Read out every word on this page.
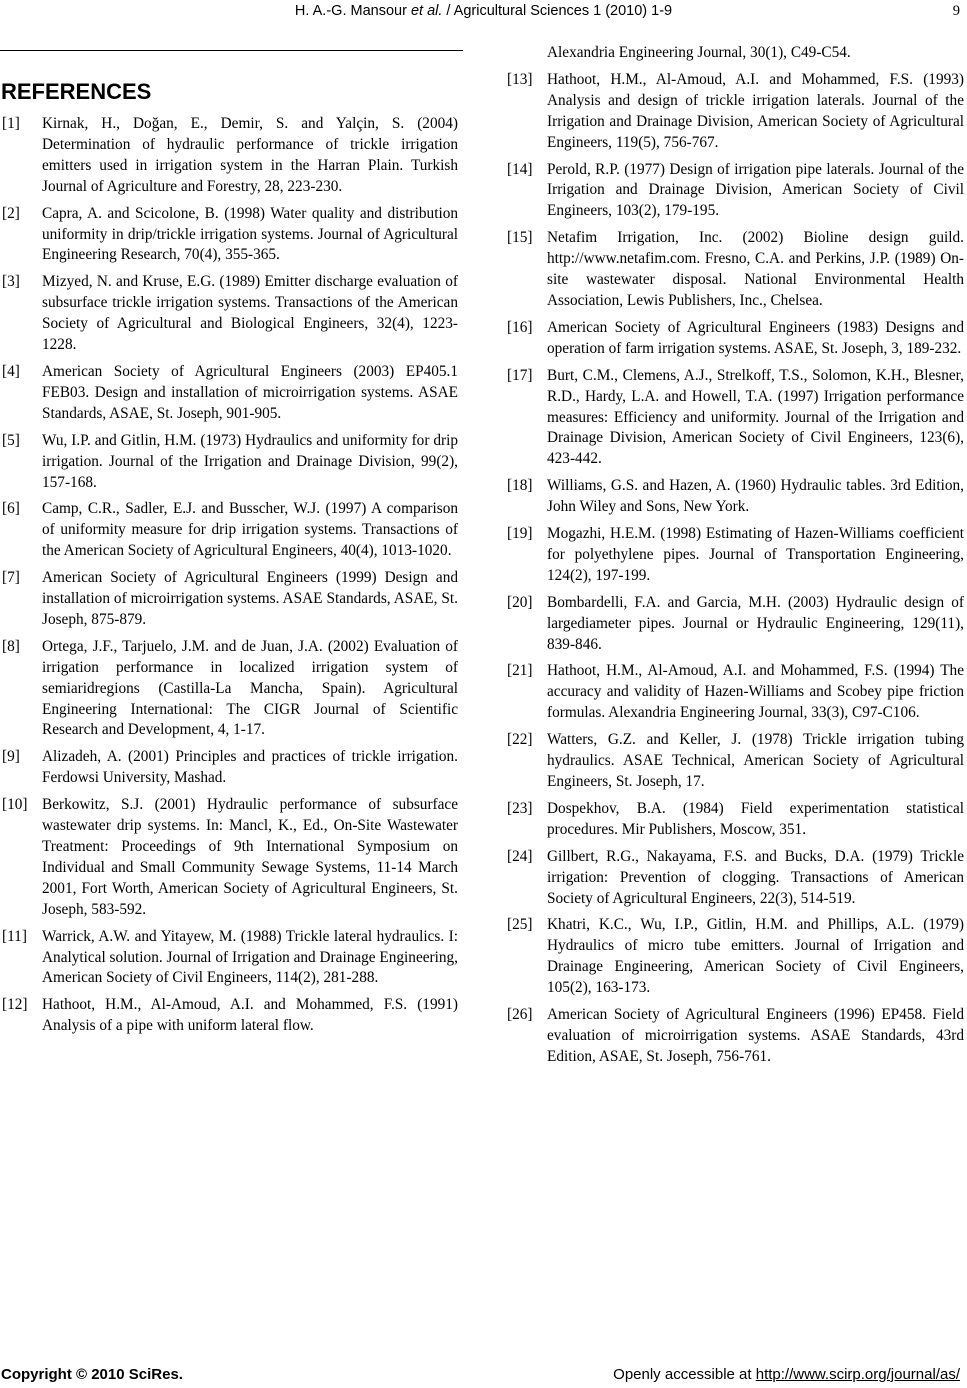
H. A.-G. Mansour et al. / Agricultural Sciences 1 (2010) 1-9	9
REFERENCES
[1] Kirnak, H., Doğan, E., Demir, S. and Yalçin, S. (2004) Determination of hydraulic performance of trickle irrigation emitters used in irrigation system in the Harran Plain. Turkish Journal of Agriculture and Forestry, 28, 223-230.
[2] Capra, A. and Scicolone, B. (1998) Water quality and distribution uniformity in drip/trickle irrigation systems. Journal of Agricultural Engineering Research, 70(4), 355-365.
[3] Mizyed, N. and Kruse, E.G. (1989) Emitter discharge evaluation of subsurface trickle irrigation systems. Transactions of the American Society of Agricultural and Biological Engineers, 32(4), 1223-1228.
[4] American Society of Agricultural Engineers (2003) EP405.1 FEB03. Design and installation of microirrigation systems. ASAE Standards, ASAE, St. Joseph, 901-905.
[5] Wu, I.P. and Gitlin, H.M. (1973) Hydraulics and uniformity for drip irrigation. Journal of the Irrigation and Drainage Division, 99(2), 157-168.
[6] Camp, C.R., Sadler, E.J. and Busscher, W.J. (1997) A comparison of uniformity measure for drip irrigation systems. Transactions of the American Society of Agricultural Engineers, 40(4), 1013-1020.
[7] American Society of Agricultural Engineers (1999) Design and installation of microirrigation systems. ASAE Standards, ASAE, St. Joseph, 875-879.
[8] Ortega, J.F., Tarjuelo, J.M. and de Juan, J.A. (2002) Evaluation of irrigation performance in localized irrigation system of semiaridregions (Castilla-La Mancha, Spain). Agricultural Engineering International: The CIGR Journal of Scientific Research and Development, 4, 1-17.
[9] Alizadeh, A. (2001) Principles and practices of trickle irrigation. Ferdowsi University, Mashad.
[10] Berkowitz, S.J. (2001) Hydraulic performance of subsurface wastewater drip systems. In: Mancl, K., Ed., On-Site Wastewater Treatment: Proceedings of 9th International Symposium on Individual and Small Community Sewage Systems, 11-14 March 2001, Fort Worth, American Society of Agricultural Engineers, St. Joseph, 583-592.
[11] Warrick, A.W. and Yitayew, M. (1988) Trickle lateral hydraulics. I: Analytical solution. Journal of Irrigation and Drainage Engineering, American Society of Civil Engineers, 114(2), 281-288.
[12] Hathoot, H.M., Al-Amoud, A.I. and Mohammed, F.S. (1991) Analysis of a pipe with uniform lateral flow.
Alexandria Engineering Journal, 30(1), C49-C54.
[13] Hathoot, H.M., Al-Amoud, A.I. and Mohammed, F.S. (1993) Analysis and design of trickle irrigation laterals. Journal of the Irrigation and Drainage Division, American Society of Agricultural Engineers, 119(5), 756-767.
[14] Perold, R.P. (1977) Design of irrigation pipe laterals. Journal of the Irrigation and Drainage Division, American Society of Civil Engineers, 103(2), 179-195.
[15] Netafim Irrigation, Inc. (2002) Bioline design guild. http://www.netafim.com. Fresno, C.A. and Perkins, J.P. (1989) On-site wastewater disposal. National Environmental Health Association, Lewis Publishers, Inc., Chelsea.
[16] American Society of Agricultural Engineers (1983) Designs and operation of farm irrigation systems. ASAE, St. Joseph, 3, 189-232.
[17] Burt, C.M., Clemens, A.J., Strelkoff, T.S., Solomon, K.H., Blesner, R.D., Hardy, L.A. and Howell, T.A. (1997) Irrigation performance measures: Efficiency and uniformity. Journal of the Irrigation and Drainage Division, American Society of Civil Engineers, 123(6), 423-442.
[18] Williams, G.S. and Hazen, A. (1960) Hydraulic tables. 3rd Edition, John Wiley and Sons, New York.
[19] Mogazhi, H.E.M. (1998) Estimating of Hazen-Williams coefficient for polyethylene pipes. Journal of Transportation Engineering, 124(2), 197-199.
[20] Bombardelli, F.A. and Garcia, M.H. (2003) Hydraulic design of largediameter pipes. Journal or Hydraulic Engineering, 129(11), 839-846.
[21] Hathoot, H.M., Al-Amoud, A.I. and Mohammed, F.S. (1994) The accuracy and validity of Hazen-Williams and Scobey pipe friction formulas. Alexandria Engineering Journal, 33(3), C97-C106.
[22] Watters, G.Z. and Keller, J. (1978) Trickle irrigation tubing hydraulics. ASAE Technical, American Society of Agricultural Engineers, St. Joseph, 17.
[23] Dospekhov, B.A. (1984) Field experimentation statistical procedures. Mir Publishers, Moscow, 351.
[24] Gillbert, R.G., Nakayama, F.S. and Bucks, D.A. (1979) Trickle irrigation: Prevention of clogging. Transactions of American Society of Agricultural Engineers, 22(3), 514-519.
[25] Khatri, K.C., Wu, I.P., Gitlin, H.M. and Phillips, A.L. (1979) Hydraulics of micro tube emitters. Journal of Irrigation and Drainage Engineering, American Society of Civil Engineers, 105(2), 163-173.
[26] American Society of Agricultural Engineers (1996) EP458. Field evaluation of microirrigation systems. ASAE Standards, 43rd Edition, ASAE, St. Joseph, 756-761.
Copyright © 2010 SciRes.	Openly accessible at http://www.scirp.org/journal/as/
